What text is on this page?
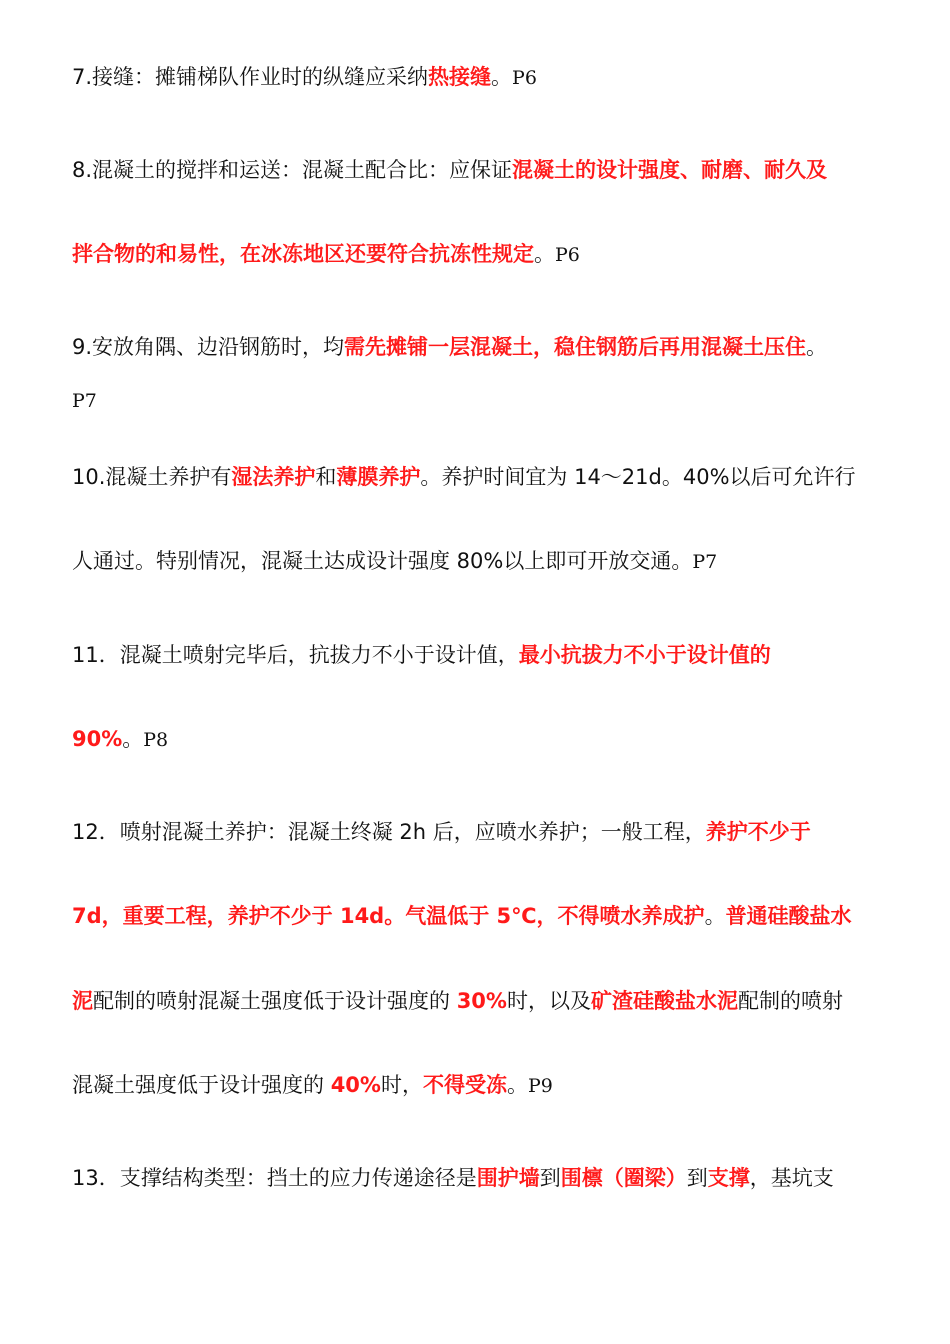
7.接缝：摊铺梯队作业时的纵缝应采纳热接缝。P6
8.混凝土的搅拌和运送：混凝土配合比：应保证混凝土的设计强度、耐磨、耐久及
拌合物的和易性，在冰冻地区还要符合抗冻性规定。P6
9.安放角隅、边沿钢筋时，均需先摊铺一层混凝土，稳住钢筋后再用混凝土压住。
P7
10.混凝土养护有湿法养护和薄膜养护。养护时间宜为 14～21d。40%以后可允许行
人通过。特别情况，混凝土达成设计强度 80%以上即可开放交通。P7
11．混凝土喷射完毕后，抗拔力不小于设计值，最小抗拔力不小于设计值的
90%。P8
12．喷射混凝土养护：混凝土终凝 2h 后，应喷水养护；一般工程，养护不少于
7d，重要工程，养护不少于 14d。气温低于 5℃，不得喷水养成护。普通硅酸盐水
泥配制的喷射混凝土强度低于设计强度的 30%时，以及矿渣硅酸盐水泥配制的喷射
混凝土强度低于设计强度的 40%时，不得受冻。P9
13．支撑结构类型：挡土的应力传递途径是围护墙到围檩（圈梁）到支撑，基坑支
